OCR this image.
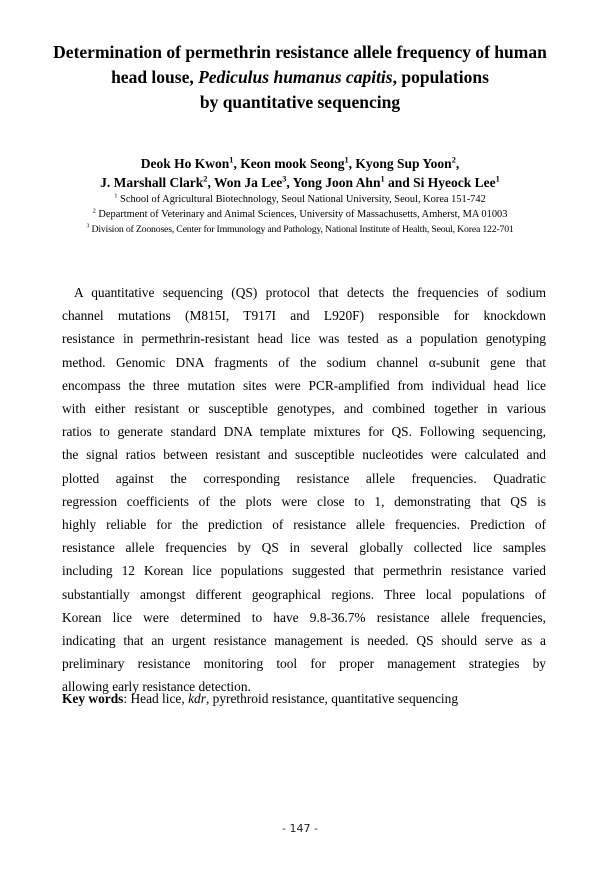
Determination of permethrin resistance allele frequency of human
head louse, Pediculus humanus capitis, populations
by quantitative sequencing
Deok Ho Kwon$^1$, Keon mook Seong$^1$, Kyong Sup Yoon$^2$,
J. Marshall Clark$^2$, Won Ja Lee$^3$, Yong Joon Ahn$^1$ and Si Hyeock Lee$^1$
$^1$ School of Agricultural Biotechnology, Seoul National University, Seoul, Korea 151-742
$^2$ Department of Veterinary and Animal Sciences, University of Massachusetts, Amherst, MA 01003
$^3$ Division of Zoonoses, Center for Immunology and Pathology, National Institute of Health, Seoul, Korea 122-701
A quantitative sequencing (QS) protocol that detects the frequencies of sodium
channel mutations (M815I, T917I and L920F) responsible for knockdown
resistance in permethrin-resistant head lice was tested as a population genotyping
method. Genomic DNA fragments of the sodium channel α-subunit gene that
encompass the three mutation sites were PCR-amplified from individual head lice
with either resistant or susceptible genotypes, and combined together in various
ratios to generate standard DNA template mixtures for QS. Following sequencing,
the signal ratios between resistant and susceptible nucleotides were calculated and
plotted against the corresponding resistance allele frequencies. Quadratic
regression coefficients of the plots were close to 1, demonstrating that QS is
highly reliable for the prediction of resistance allele frequencies. Prediction of
resistance allele frequencies by QS in several globally collected lice samples
including 12 Korean lice populations suggested that permethrin resistance varied
substantially amongst different geographical regions. Three local populations of
Korean lice were determined to have 9.8-36.7% resistance allele frequencies,
indicating that an urgent resistance management is needed. QS should serve as a
preliminary resistance monitoring tool for proper management strategies by
allowing early resistance detection.
Key words: Head lice, kdr, pyrethroid resistance, quantitative sequencing
- 147 -
